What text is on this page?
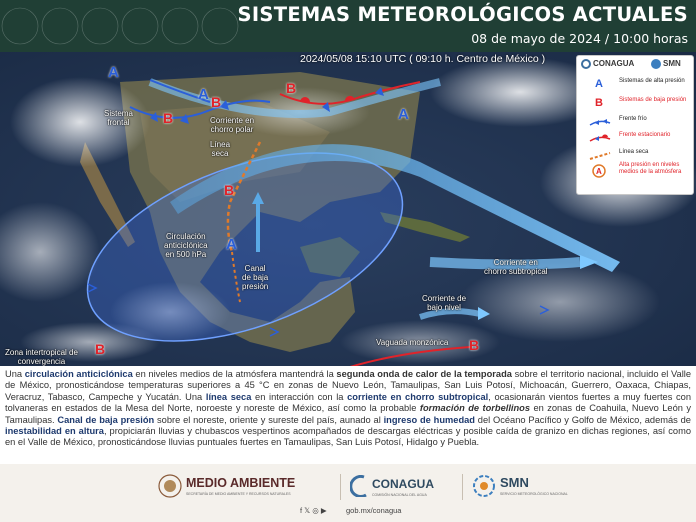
SISTEMAS METEOROLÓGICOS ACTUALES
08 de mayo de 2024 / 10:00 horas
A
A
A
A
B
B
B
B
B	B
Sistema
frontal	Corriente en
chorro polar
Línea
seca
Circulación
anticiclónica
en 500 hPa
Canal
de baja
presión
Corriente en
chorro subtropical
Corriente de
bajo nivel
Vaguada monzónica
Zona intertropical de
convergencia
2024/05/08 15:10 UTC ( 09:10 h. Centro de México )	CONAGUA	SMN
A	Sistemas de alta presión
B	Sistemas de baja presión
Frente frío
Frente estacionario
Línea seca
A
Alta presión en niveles medios de la atmósfera
Una circulación anticiclónica en niveles medios de la atmósfera mantendrá la segunda onda de calor de la temporada sobre el territorio nacional, incluido el Valle de México, pronosticándose temperaturas superiores a 45 °C en zonas de Nuevo León, Tamaulipas, San Luis Potosí, Michoacán, Guerrero, Oaxaca, Chiapas, Veracruz, Tabasco, Campeche y Yucatán. Una línea seca en interacción con la corriente en chorro subtropical, ocasionarán vientos fuertes a muy fuertes con tolvaneras en estados de la Mesa del Norte, noroeste y noreste de México, así como la probable formación de torbellinos en zonas de Coahuila, Nuevo León y Tamaulipas. Canal de baja presión sobre el noreste, oriente y sureste del país, aunado al ingreso de humedad del Océano Pacífico y Golfo de México, además de inestabilidad en altura, propiciarán lluvias y chubascos vespertinos acompañados de descargas eléctricas y posible caída de granizo en dichas regiones, así como en el Valle de México, pronosticándose lluvias puntuales fuertes en Tamaulipas, San Luis Potosí, Hidalgo y Puebla.
MEDIO AMBIENTE
SECRETARÍA DE MEDIO AMBIENTE Y RECURSOS NATURALES
CONAGUA
COMISIÓN NACIONAL DEL AGUA
SMN
SERVICIO METEOROLÓGICO NACIONAL
f 𝕏 ◎ ▶	gob.mx/conagua
